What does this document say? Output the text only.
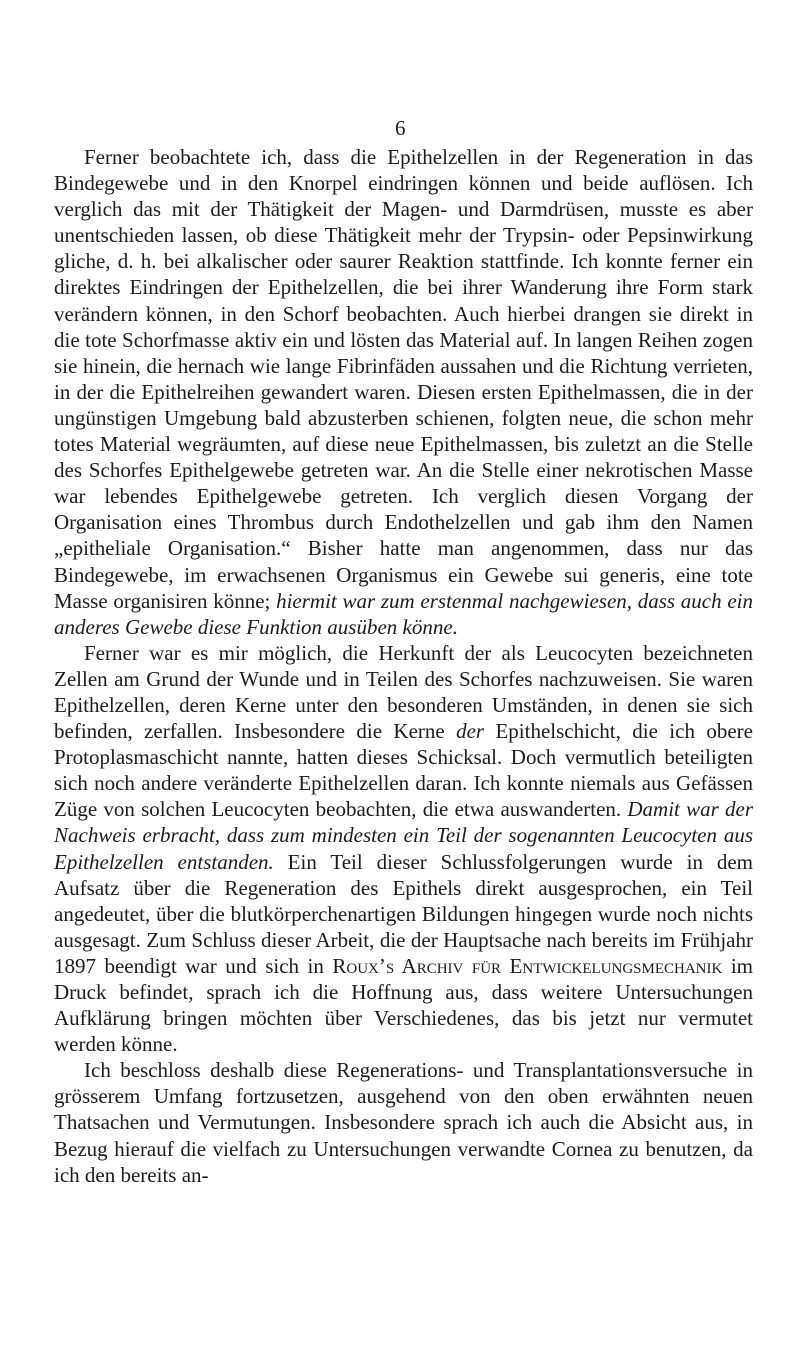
6

Ferner beobachtete ich, dass die Epithelzellen in der Regeneration in das Bindegewebe und in den Knorpel eindringen können und beide auflösen. Ich verglich das mit der Thätigkeit der Magen- und Darmdrüsen, musste es aber unentschieden lassen, ob diese Thätigkeit mehr der Trypsin- oder Pepsinwirkung gliche, d. h. bei alkalischer oder saurer Reaktion stattfinde. Ich konnte ferner ein direktes Eindringen der Epithelzellen, die bei ihrer Wanderung ihre Form stark verändern können, in den Schorf beobachten. Auch hierbei drangen sie direkt in die tote Schorfmasse aktiv ein und lösten das Material auf. In langen Reihen zogen sie hinein, die hernach wie lange Fibrinfäden aussahen und die Richtung verrieten, in der die Epithelreihen gewandert waren. Diesen ersten Epithelmassen, die in der ungünstigen Umgebung bald abzusterben schienen, folgten neue, die schon mehr totes Material wegräumten, auf diese neue Epithelmassen, bis zuletzt an die Stelle des Schorfes Epithelgewebe getreten war. An die Stelle einer nekrotischen Masse war lebendes Epithelgewebe getreten. Ich verglich diesen Vorgang der Organisation eines Thrombus durch Endothelzellen und gab ihm den Namen „epitheliale Organisation.“ Bisher hatte man angenommen, dass nur das Bindegewebe, im erwachsenen Organismus ein Gewebe sui generis, eine tote Masse organisiren könne; hiermit war zum erstenmal nachgewiesen, dass auch ein anderes Gewebe diese Funktion ausüben könne.

Ferner war es mir möglich, die Herkunft der als Leucocyten bezeichneten Zellen am Grund der Wunde und in Teilen des Schorfes nachzuweisen. Sie waren Epithelzellen, deren Kerne unter den besonderen Umständen, in denen sie sich befinden, zerfallen. Insbesondere die Kerne der Epithelschicht, die ich obere Protoplasmaschicht nannte, hatten dieses Schicksal. Doch vermutlich beteiligten sich noch andere veränderte Epithelzellen daran. Ich konnte niemals aus Gefässen Züge von solchen Leucocyten beobachten, die etwa auswanderten. Damit war der Nachweis erbracht, dass zum mindesten ein Teil der sogenannten Leucocyten aus Epithelzellen entstanden. Ein Teil dieser Schlussfolgerungen wurde in dem Aufsatz über die Regeneration des Epithels direkt ausgesprochen, ein Teil angedeutet, über die blutkörperchenartigen Bildungen hingegen wurde noch nichts ausgesagt. Zum Schluss dieser Arbeit, die der Hauptsache nach bereits im Frühjahr 1897 beendigt war und sich in Roux’s Archiv für Entwickelungsmechanik im Druck befindet, sprach ich die Hoffnung aus, dass weitere Untersuchungen Aufklärung bringen möchten über Verschiedenes, das bis jetzt nur vermutet werden könne.

Ich beschloss deshalb diese Regenerations- und Transplantationsversuche in grösserem Umfang fortzusetzen, ausgehend von den oben erwähnten neuen Thatsachen und Vermutungen. Insbesondere sprach ich auch die Absicht aus, in Bezug hierauf die vielfach zu Untersuchungen verwandte Cornea zu benutzen, da ich den bereits an-
